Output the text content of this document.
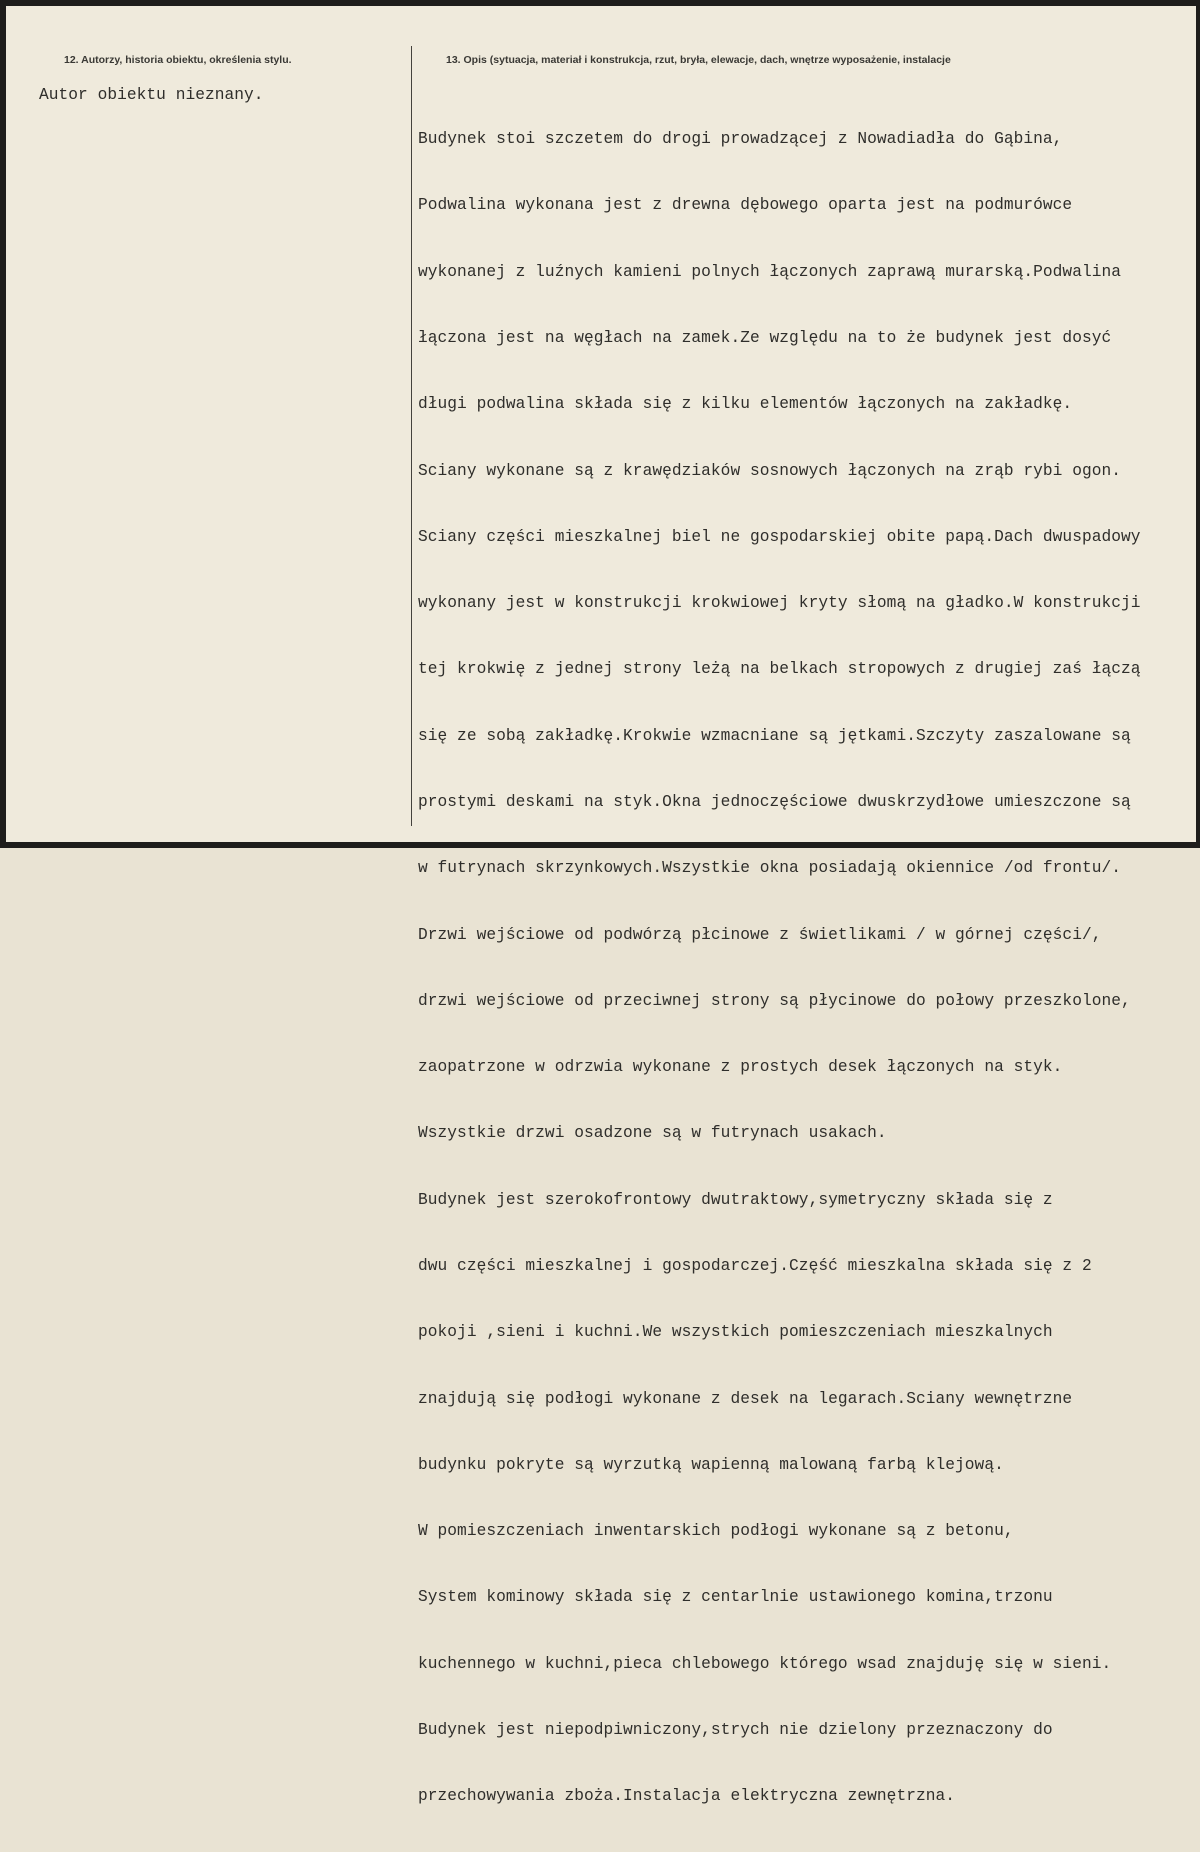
12. Autorzy, historia obiektu, określenia stylu.	13. Opis (sytuacja, materiał i konstrukcja, rzut, bryła, elewacje, dach, wnętrze wyposażenie, instalacje
Autor obiektu nieznany.

Budynek stoi szczetem do drogi prowadzącej z Nowadiadła do Gąbina,

Podwalina wykonana jest z drewna dębowego oparta jest na podmurówce

wykonanej z luźnych kamieni polnych łączonych zaprawą murarską.Podwalina

łączona jest na węgłach na zamek.Ze względu na to że budynek jest dosyć

długi podwalina składa się z kilku elementów łączonych na zakładkę.

Sciany wykonane są z krawędziaków sosnowych łączonych na zrąb rybi ogon.

Sciany części mieszkalnej biel ne gospodarskiej obite papą.Dach dwuspadowy

wykonany jest w konstrukcji krokwiowej kryty słomą na gładko.W konstrukcji

tej krokwię z jednej strony leżą na belkach stropowych z drugiej zaś łączą

się ze sobą zakładkę.Krokwie wzmacniane są jętkami.Szczyty zaszalowane są

prostymi deskami na styk.Okna jednoczęściowe dwuskrzydłowe umieszczone są

w futrynach skrzynkowych.Wszystkie okna posiadają okiennice /od frontu/.

Drzwi wejściowe od podwórzą płcinowe z świetlikami / w górnej części/,

drzwi wejściowe od przeciwnej strony są płycinowe do połowy przeszkolone,

zaopatrzone w odrzwia wykonane z prostych desek łączonych na styk.

Wszystkie drzwi osadzone są w futrynach usakach.

Budynek jest szerokofrontowy dwutraktowy,symetryczny składa się z

dwu części mieszkalnej i gospodarczej.Część mieszkalna składa się z 2

pokoji ,sieni i kuchni.We wszystkich pomieszczeniach mieszkalnych

znajdują się podłogi wykonane z desek na legarach.Sciany wewnętrzne

budynku pokryte są wyrzutką wapienną malowaną farbą klejową.

W pomieszczeniach inwentarskich podłogi wykonane są z betonu,

System kominowy składa się z centarlnie ustawionego komina,trzonu

kuchennego w kuchni,pieca chlebowego którego wsad znajduję się w sieni.

Budynek jest niepodpiwniczony,strych nie dzielony przeznaczony do

przechowywania zboża.Instalacja elektryczna zewnętrzna.
